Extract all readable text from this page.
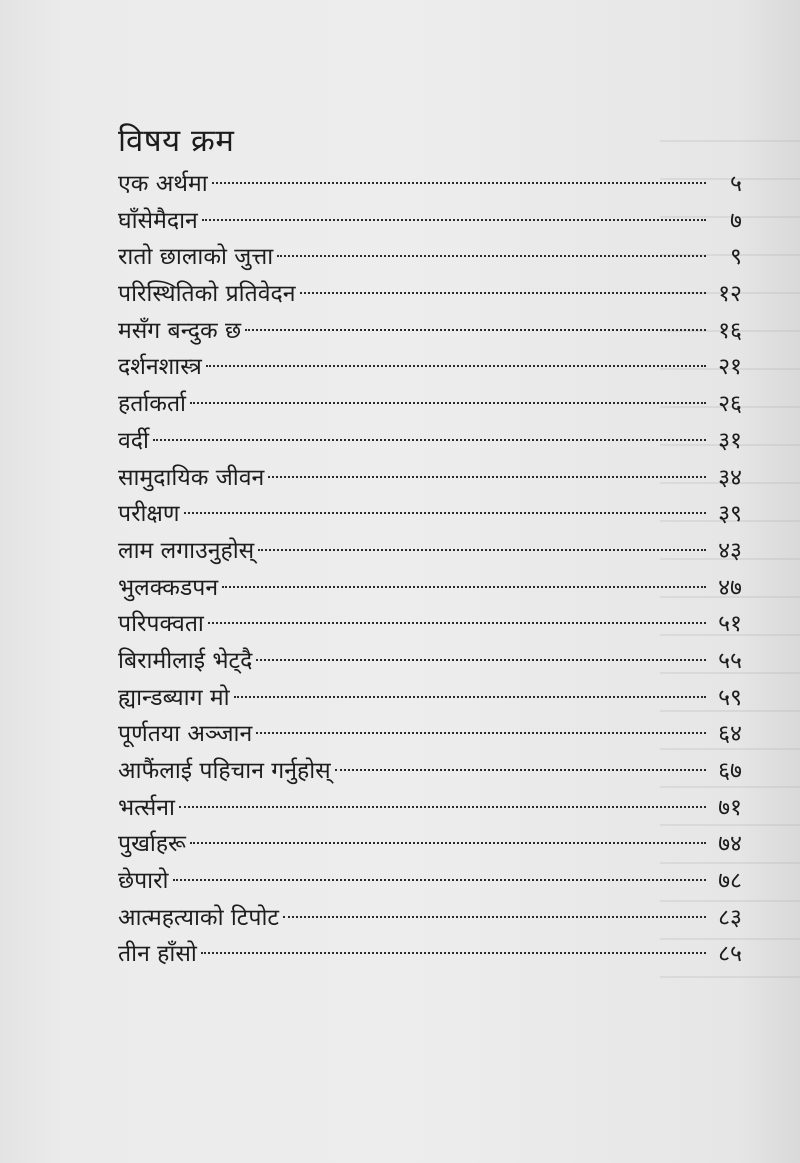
विषय क्रम
एक अर्थमा	५
घाँसेमैदान	७
रातो छालाको जुत्ता	९
परिस्थितिको प्रतिवेदन	१२
मसँग बन्दुक छ	१६
दर्शनशास्त्र	२१
हर्ताकर्ता	२६
वर्दी	३१
सामुदायिक जीवन	३४
परीक्षण	३९
लाम लगाउनुहोस्	४३
भुलक्कडपन	४७
परिपक्वता	५१
बिरामीलाई भेट्दै	५५
ह्यान्डब्याग मो	५९
पूर्णतया अञ्जान	६४
आफैंलाई पहिचान गर्नुहोस्	६७
भर्त्सना	७१
पुर्खाहरू	७४
छेपारो	७८
आत्महत्याको टिपोट	८३
तीन हाँसो	८५
